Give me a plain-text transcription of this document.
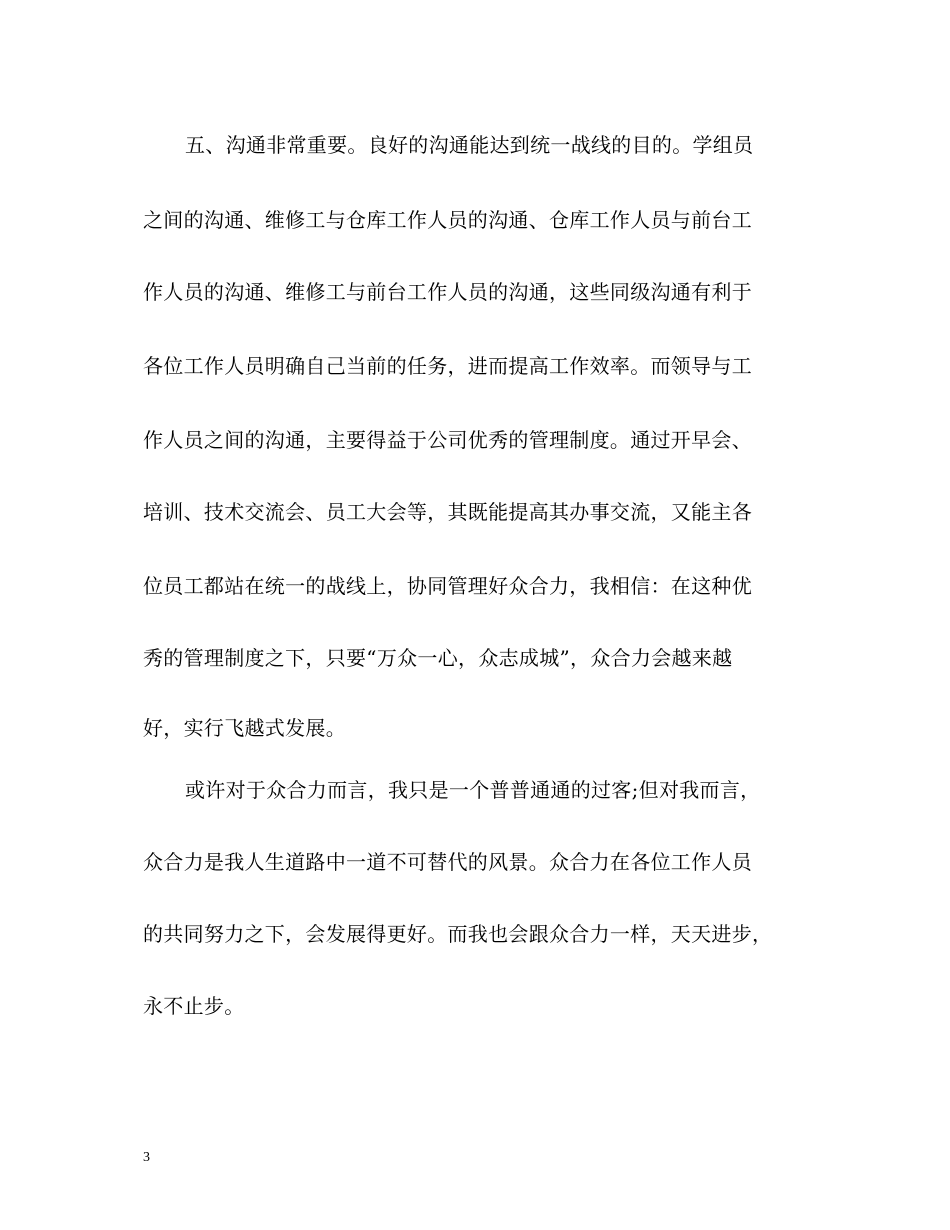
五、沟通非常重要。良好的沟通能达到统一战线的目的。学组员
之间的沟通、维修工与仓库工作人员的沟通、仓库工作人员与前台工
作人员的沟通、维修工与前台工作人员的沟通，这些同级沟通有利于
各位工作人员明确自己当前的任务，进而提高工作效率。而领导与工
作人员之间的沟通，主要得益于公司优秀的管理制度。通过开早会、
培训、技术交流会、员工大会等，其既能提高其办事交流，又能主各
位员工都站在统一的战线上，协同管理好众合力，我相信：在这种优
秀的管理制度之下，只要“万众一心，众志成城”，众合力会越来越
好，实行飞越式发展。
或许对于众合力而言，我只是一个普普通通的过客;但对我而言，
众合力是我人生道路中一道不可替代的风景。众合力在各位工作人员
的共同努力之下，会发展得更好。而我也会跟众合力一样，天天进步，
永不止步。
3
